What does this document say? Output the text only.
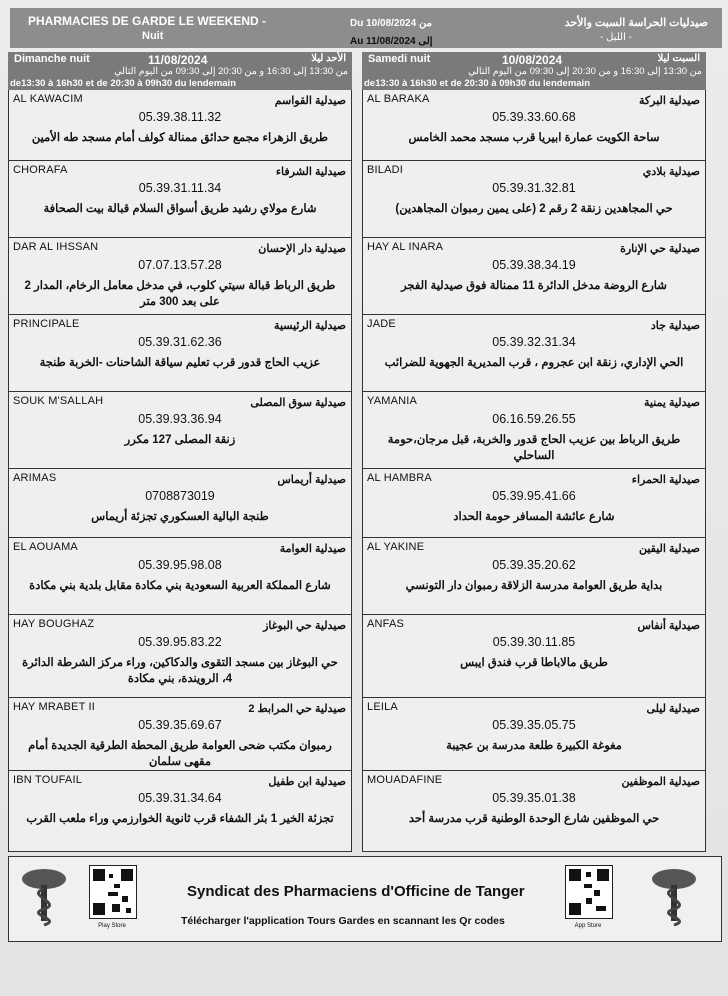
PHARMACIES DE GARDE LE WEEKEND -
Nuit
Du 10/08/2024 من	صيدليات الحراسة السبت والأحد
- الليل -
Au 11/08/2024 إلى
Dimanche nuit	11/08/2024	الأحد ليلا
من 13:30 إلى 16:30 و من 20:30 إلى 09:30 من اليوم التالي
de13:30 à 16h30 et de 20:30 à 09h30 du lendemain
AL KAWACIM	صيدلية القواسم
05.39.38.11.32
طريق الزهراء مجمع حدائق ممنالة كولف أمام مسجد طه الأمين
CHORAFA	صيدلية الشرفاء
05.39.31.11.34
شارع مولاي رشيد طريق أسواق السلام قبالة بيت الصحافة
DAR AL IHSSAN	صيدلية دار الإحسان
07.07.13.57.28
طريق الرباط قبالة سيتي كلوب، في مدخل معامل الرخام، المدار 2 على بعد 300 متر
PRINCIPALE	صيدلية الرئيسية
05.39.31.62.36
عزيب الحاج قدور قرب تعليم سياقة الشاحنات -الخربة طنجة
SOUK M'SALLAH	صيدلية سوق المصلى
05.39.93.36.94
زنقة المصلى 127 مكرر
ARIMAS	صيدلية أريماس
0708873019
طنجة البالية العسكوري تجزئة أريماس
EL AOUAMA	صيدلية العوامة
05.39.95.98.08
شارع المملكة العربية السعودية بني مكادة مقابل بلدية بني مكادة
HAY BOUGHAZ	صيدلية حي البوغاز
05.39.95.83.22
حي البوغاز بين مسجد التقوى والدكاكين، وراء مركز الشرطة الدائرة 4، الرويندة، بني مكادة
HAY MRABET II	صيدلية حي المرابط 2
05.39.35.69.67
رمبوان مكتب ضحى العوامة طريق المحطة الطرقية الجديدة أمام مقهى سلمان
IBN TOUFAIL	صيدلية ابن طفيل
05.39.31.34.64
تجزئة الخير 1 بئر الشفاء قرب ثانوية الخوارزمي وراء ملعب القرب
Samedi nuit	10/08/2024	السبت ليلا
من 13:30 إلى 16:30 و من 20:30 إلى 09:30 من اليوم التالي
de13:30 à 16h30 et de 20:30 à 09h30 du lendemain
AL BARAKA	صيدلية البركة
05.39.33.60.68
ساحة الكويت عمارة ابيريا قرب مسجد محمد الخامس
BILADI	صيدلية بلادي
05.39.31.32.81
حي المجاهدين زنقة 2 رقم 2 (على يمين رمبوان المجاهدين)
HAY AL INARA	صيدلية حي الإنارة
05.39.38.34.19
شارع الروضة مدخل الدائرة 11 ممنالة فوق صيدلية الفجر
JADE	صيدلية جاد
05.39.32.31.34
الحي الإداري، زنقة ابن عجروم ، قرب المديرية الجهوية للضرائب
YAMANIA	صيدلية يمنية
06.16.59.26.55
طريق الرباط بين عزيب الحاج قدور والخربة، قبل مرجان،حومة الساحلي
AL HAMBRA	صيدلية الحمراء
05.39.95.41.66
شارع عائشة المسافر حومة الحداد
AL YAKINE	صيدلية اليقين
05.39.35.20.62
بداية طريق العوامة مدرسة الزلاقة رمبوان دار التونسي
ANFAS	صيدلية أنفاس
05.39.30.11.85
طريق مالاباطا قرب فندق ايبس
LEILA	صيدلية ليلى
05.39.35.05.75
مغوغة الكبيرة طلعة مدرسة بن عجيبة
MOUADAFINE	صيدلية الموظفين
05.39.35.01.38
حي الموظفين شارع الوحدة الوطنية قرب مدرسة أحد
Play Store
Syndicat des Pharmaciens d'Officine de Tanger
Télécharger l'application Tours Gardes en scannant les Qr codes	App Store
